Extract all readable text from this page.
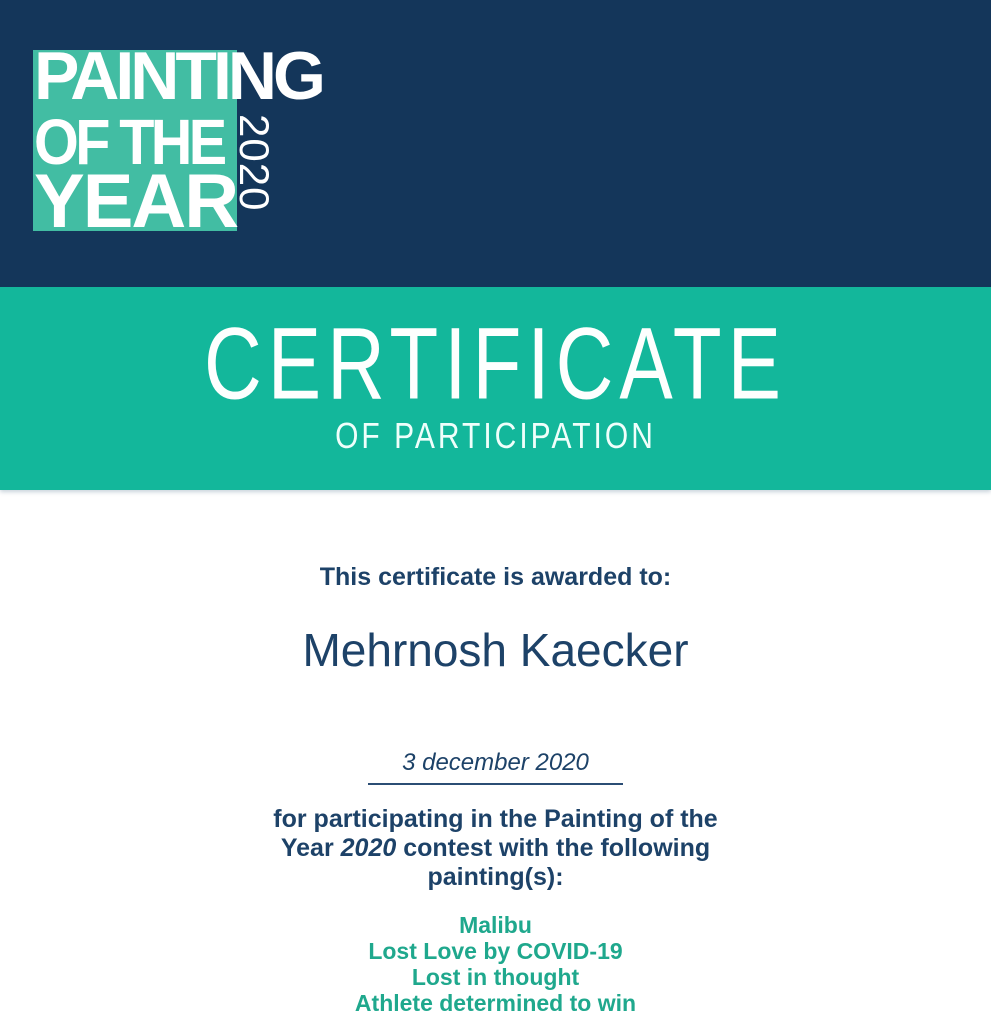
PAINTING
OF THE
YEAR
2020
CERTIFICATE
OF PARTICIPATION
This certificate is awarded to:
Mehrnosh Kaecker
3 december 2020
for participating in the Painting of the Year 2020 contest with the following painting(s):
Malibu
Lost Love by COVID-19
Lost in thought
Athlete determined to win
